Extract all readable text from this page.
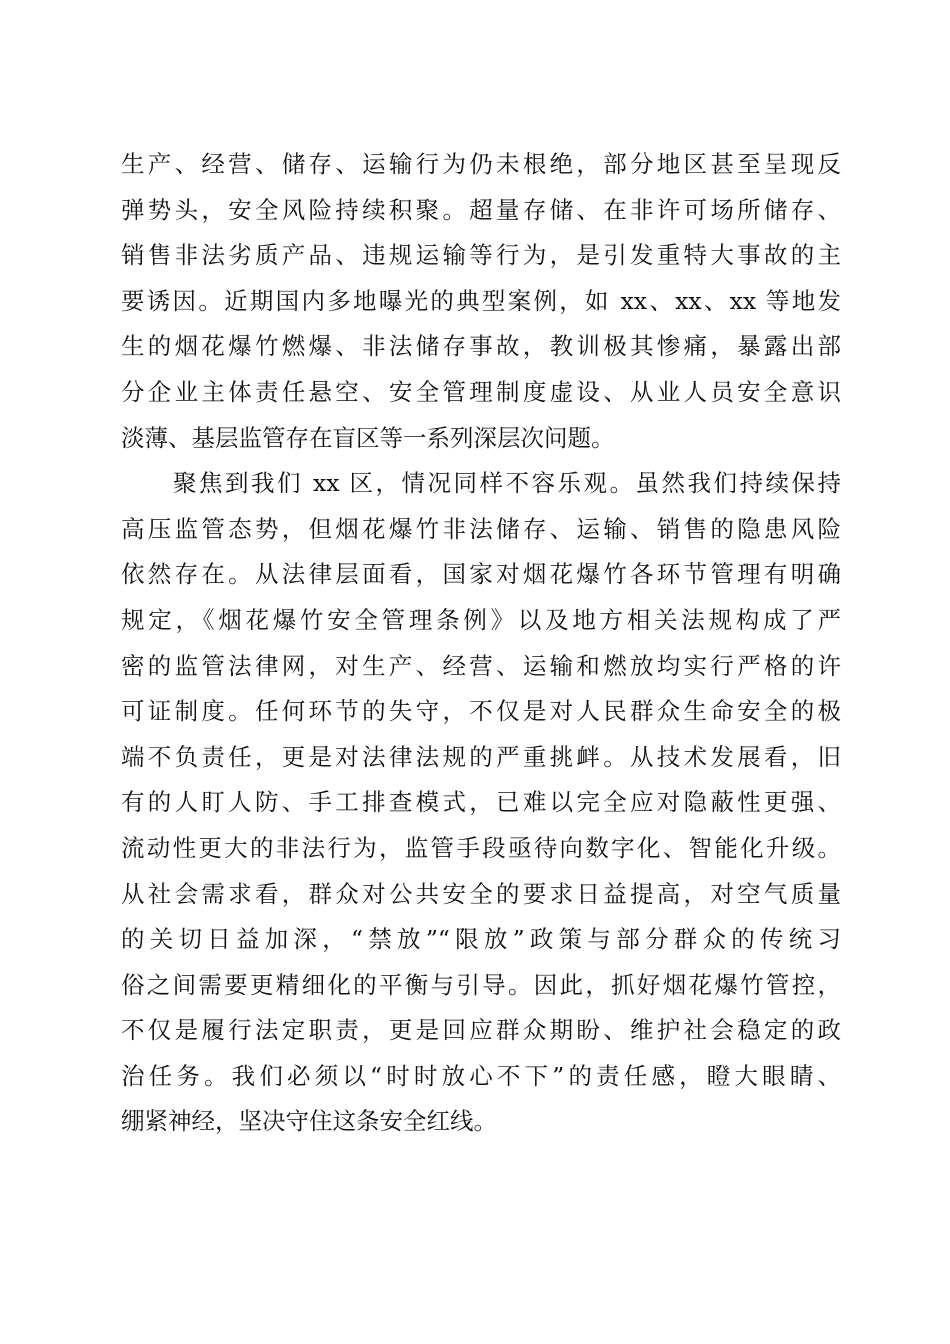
生产、经营、储存、运输行为仍未根绝，部分地区甚至呈现反
弹势头，安全风险持续积聚。超量存储、在非许可场所储存、
销售非法劣质产品、违规运输等行为，是引发重特大事故的主
要诱因。近期国内多地曝光的典型案例，如 xx、xx、xx 等地发
生的烟花爆竹燃爆、非法储存事故，教训极其惨痛，暴露出部
分企业主体责任悬空、安全管理制度虚设、从业人员安全意识
淡薄、基层监管存在盲区等一系列深层次问题。
　　聚焦到我们 xx 区，情况同样不容乐观。虽然我们持续保持
高压监管态势，但烟花爆竹非法储存、运输、销售的隐患风险
依然存在。从法律层面看，国家对烟花爆竹各环节管理有明确
规定，《烟花爆竹安全管理条例》以及地方相关法规构成了严
密的监管法律网，对生产、经营、运输和燃放均实行严格的许
可证制度。任何环节的失守，不仅是对人民群众生命安全的极
端不负责任，更是对法律法规的严重挑衅。从技术发展看，旧
有的人盯人防、手工排查模式，已难以完全应对隐蔽性更强、
流动性更大的非法行为，监管手段亟待向数字化、智能化升级。
从社会需求看，群众对公共安全的要求日益提高，对空气质量
的关切日益加深，“禁放”“限放”政策与部分群众的传统习
俗之间需要更精细化的平衡与引导。因此，抓好烟花爆竹管控，
不仅是履行法定职责，更是回应群众期盼、维护社会稳定的政
治任务。我们必须以“时时放心不下”的责任感，瞪大眼睛、
绷紧神经，坚决守住这条安全红线。
